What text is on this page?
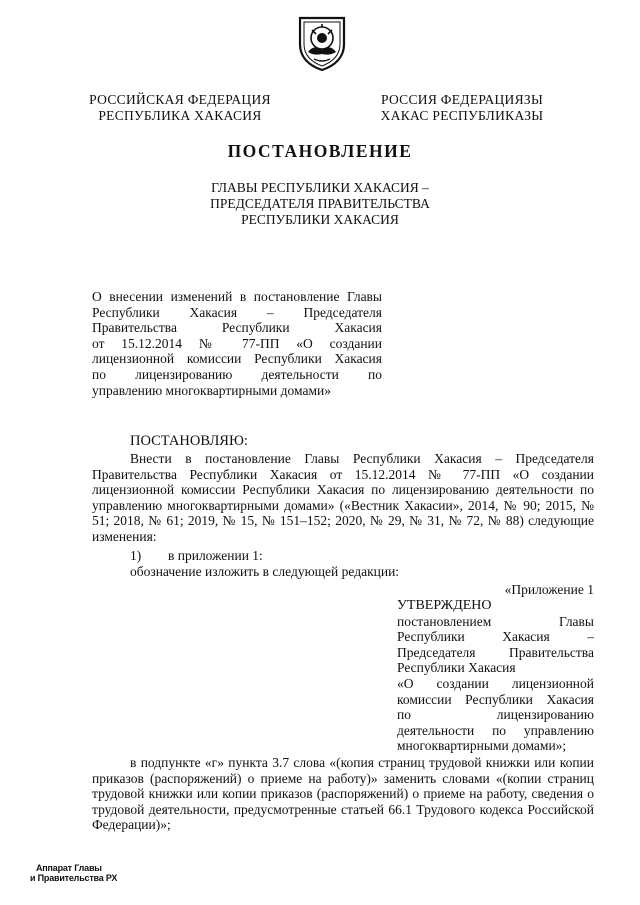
РОССИЙСКАЯ ФЕДЕРАЦИЯ
РЕСПУБЛИКА ХАКАСИЯ
РОССИЯ ФЕДЕРАЦИЯЗЫ
ХАКАС РЕСПУБЛИКАЗЫ
ПОСТАНОВЛЕНИЕ
ГЛАВЫ РЕСПУБЛИКИ ХАКАСИЯ –
ПРЕДСЕДАТЕЛЯ ПРАВИТЕЛЬСТВА
РЕСПУБЛИКИ ХАКАСИЯ
О внесении изменений в постановление Главы
Республики Хакасия – Председателя
Правительства Республики Хакасия
от 15.12.2014 № 77-ПП «О создании
лицензионной комиссии Республики Хакасия
по лицензированию деятельности по
управлению многоквартирными домами»
ПОСТАНОВЛЯЮ:
Внести в постановление Главы Республики Хакасия – Председателя Правительства Республики Хакасия от 15.12.2014 № 77-ПП «О создании лицензионной комиссии Республики Хакасия по лицензированию деятельности по управлению многоквартирными домами» («Вестник Хакасии», 2014, № 90; 2015, № 51; 2018, № 61; 2019, № 15, № 151–152; 2020, № 29, № 31, № 72, № 88) следующие изменения:
1) в приложении 1:
обозначение изложить в следующей редакции:
«Приложение 1
УТВЕРЖДЕНО
постановлением Главы
Республики Хакасия –
Председателя Правительства
Республики Хакасия
«О создании лицензионной
комиссии Республики Хакасия
по лицензированию
деятельности по управлению
многоквартирными домами»;
в подпункте «г» пункта 3.7 слова «(копия страниц трудовой книжки или копии приказов (распоряжений) о приеме на работу)» заменить словами «(копии страниц трудовой книжки или копии приказов (распоряжений) о приеме на работу, сведения о трудовой деятельности, предусмотренные статьей 66.1 Трудового кодекса Российской Федерации)»;
Аппарат Главы
и Правительства РХ
